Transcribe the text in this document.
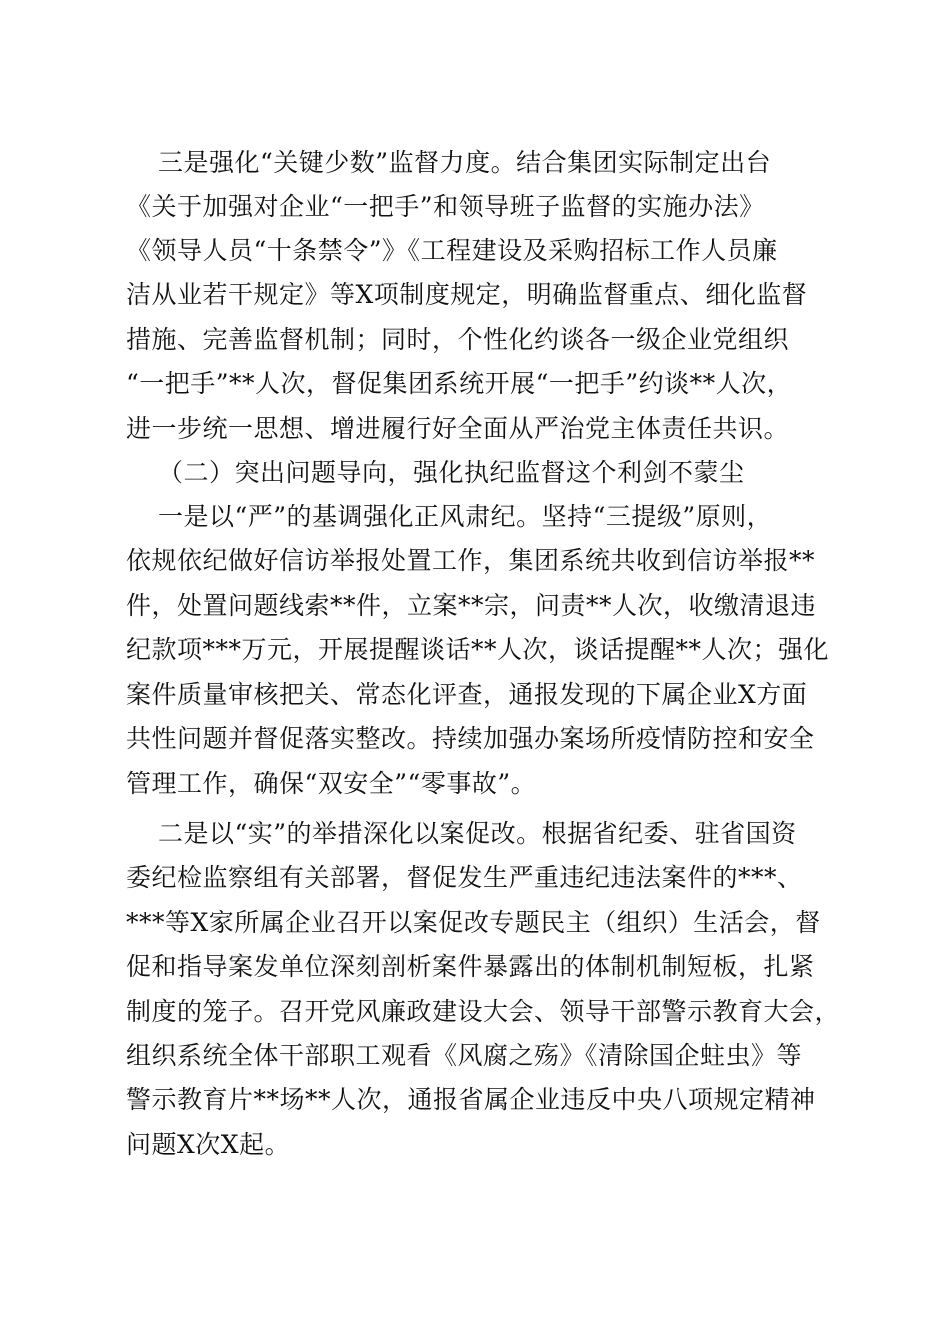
三是强化“关键少数”监督力度。结合集团实际制定出台
《关于加强对企业“一把手”和领导班子监督的实施办法》
《领导人员“十条禁令”》《工程建设及采购招标工作人员廉
洁从业若干规定》等X项制度规定，明确监督重点、细化监督
措施、完善监督机制；同时，个性化约谈各一级企业党组织
“一把手”**人次，督促集团系统开展“一把手”约谈**人次，
进一步统一思想、增进履行好全面从严治党主体责任共识。
（二）突出问题导向，强化执纪监督这个利剑不蒙尘
一是以“严”的基调强化正风肃纪。坚持“三提级”原则，
依规依纪做好信访举报处置工作，集团系统共收到信访举报**
件，处置问题线索**件，立案**宗，问责**人次，收缴清退违
纪款项***万元，开展提醒谈话**人次，谈话提醒**人次；强化
案件质量审核把关、常态化评查，通报发现的下属企业X方面
共性问题并督促落实整改。持续加强办案场所疫情防控和安全
管理工作，确保“双安全”“零事故”。
二是以“实”的举措深化以案促改。根据省纪委、驻省国资
委纪检监察组有关部署，督促发生严重违纪违法案件的***、
***等X家所属企业召开以案促改专题民主（组织）生活会，督
促和指导案发单位深刻剖析案件暴露出的体制机制短板，扎紧
制度的笼子。召开党风廉政建设大会、领导干部警示教育大会，
组织系统全体干部职工观看《风腐之殇》《清除国企蛀虫》等
警示教育片**场**人次，通报省属企业违反中央八项规定精神
问题X次X起。
